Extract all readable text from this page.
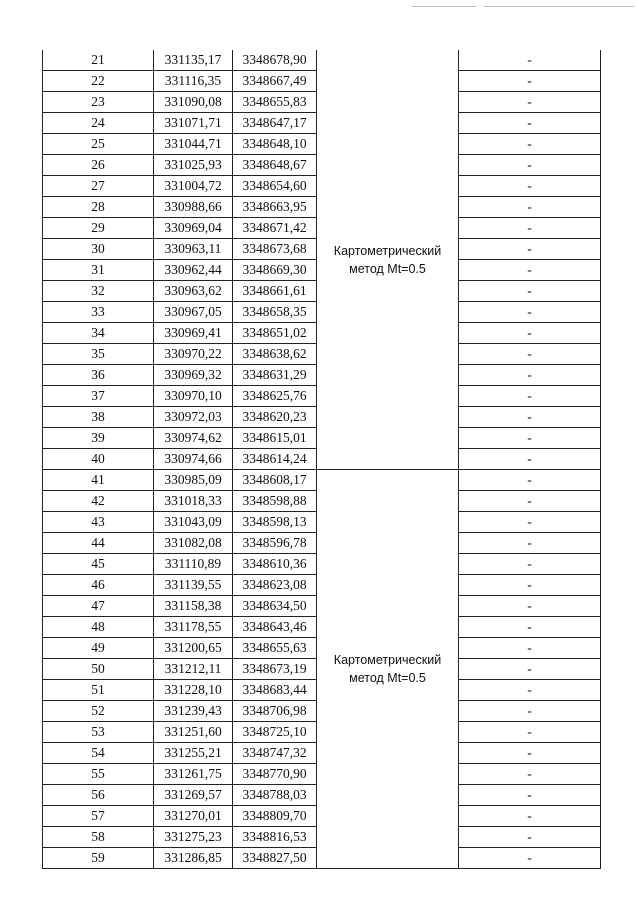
21	331135,17	3348678,90	Картометрический
метод Mt=0.5	-
22	331116,35	3348667,49		-
23	331090,08	3348655,83		-
24	331071,71	3348647,17		-
25	331044,71	3348648,10		-
26	331025,93	3348648,67		-
27	331004,72	3348654,60		-
28	330988,66	3348663,95		-
29	330969,04	3348671,42		-
30	330963,11	3348673,68		-
31	330962,44	3348669,30		-
32	330963,62	3348661,61		-
33	330967,05	3348658,35		-
34	330969,41	3348651,02		-
35	330970,22	3348638,62		-
36	330969,32	3348631,29		-
37	330970,10	3348625,76		-
38	330972,03	3348620,23		-
39	330974,62	3348615,01		-
40	330974,66	3348614,24		-
41	330985,09	3348608,17	Картометрический
метод Mt=0.5	-
42	331018,33	3348598,88		-
43	331043,09	3348598,13		-
44	331082,08	3348596,78		-
45	331110,89	3348610,36		-
46	331139,55	3348623,08		-
47	331158,38	3348634,50		-
48	331178,55	3348643,46		-
49	331200,65	3348655,63		-
50	331212,11	3348673,19		-
51	331228,10	3348683,44		-
52	331239,43	3348706,98		-
53	331251,60	3348725,10		-
54	331255,21	3348747,32		-
55	331261,75	3348770,90		-
56	331269,57	3348788,03		-
57	331270,01	3348809,70		-
58	331275,23	3348816,53		-
59	331286,85	3348827,50		-
